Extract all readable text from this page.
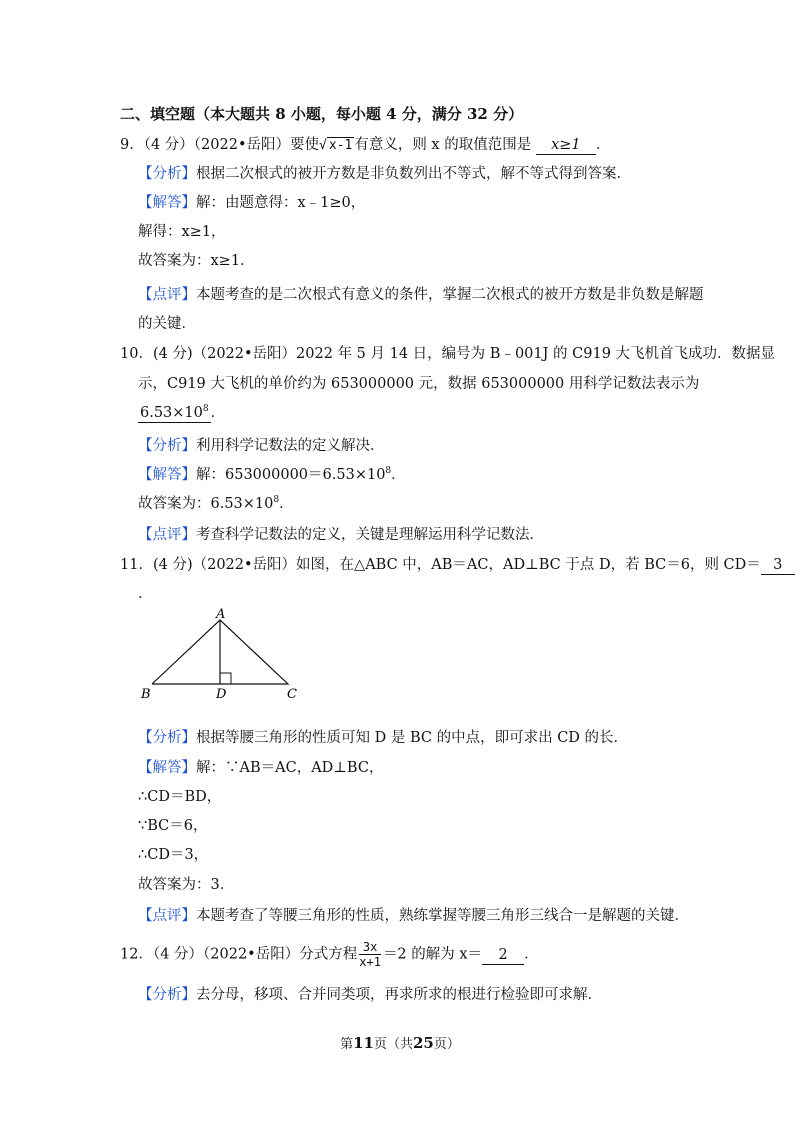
二、填空题（本大题共 8 小题，每小题 4 分，满分 32 分）
9．（4 分）（2022•岳阳）要使√ x-1 有意义，则 x 的取值范围是 x≥1 ．
【分析】根据二次根式的被开方数是非负数列出不等式，解不等式得到答案．
【解答】解：由题意得：x﹣1≥0，
解得：x≥1，
故答案为：x≥1．
【点评】本题考查的是二次根式有意义的条件，掌握二次根式的被开方数是非负数是解题
的关键．
10．(4 分)（2022•岳阳）2022 年 5 月 14 日，编号为 B﹣001J 的 C919 大飞机首飞成功．数据显
示，C919 大飞机的单价约为 653000000 元，数据 653000000 用科学记数法表示为
$6.53\times 10^8$ ．
【分析】利用科学记数法的定义解决．
【解答】解：$653000000=6.53\times 10^8$．
故答案为：$6.53\times 10^8$．
【点评】考查科学记数法的定义，关键是理解运用科学记数法．
11．(4 分)（2022•岳阳）如图，在△ABC 中，AB＝AC，AD⊥BC 于点 D，若 BC＝6，则 CD＝ 3
．
A
B	D	C
【分析】根据等腰三角形的性质可知 D 是 BC 的中点，即可求出 CD 的长．
【解答】解：∵AB＝AC，AD⊥BC，
∴CD＝BD，
∵BC＝6，
∴CD＝3，
故答案为：3．
【点评】本题考查了等腰三角形的性质，熟练掌握等腰三角形三线合一是解题的关键．
12．（4 分）（2022•岳阳）分式方程 $\frac{3x}{x+1} =2$ 的解为 x＝ 2 ．
【分析】去分母，移项、合并同类项，再求所求的根进行检验即可求解．
第11页（共25页）
